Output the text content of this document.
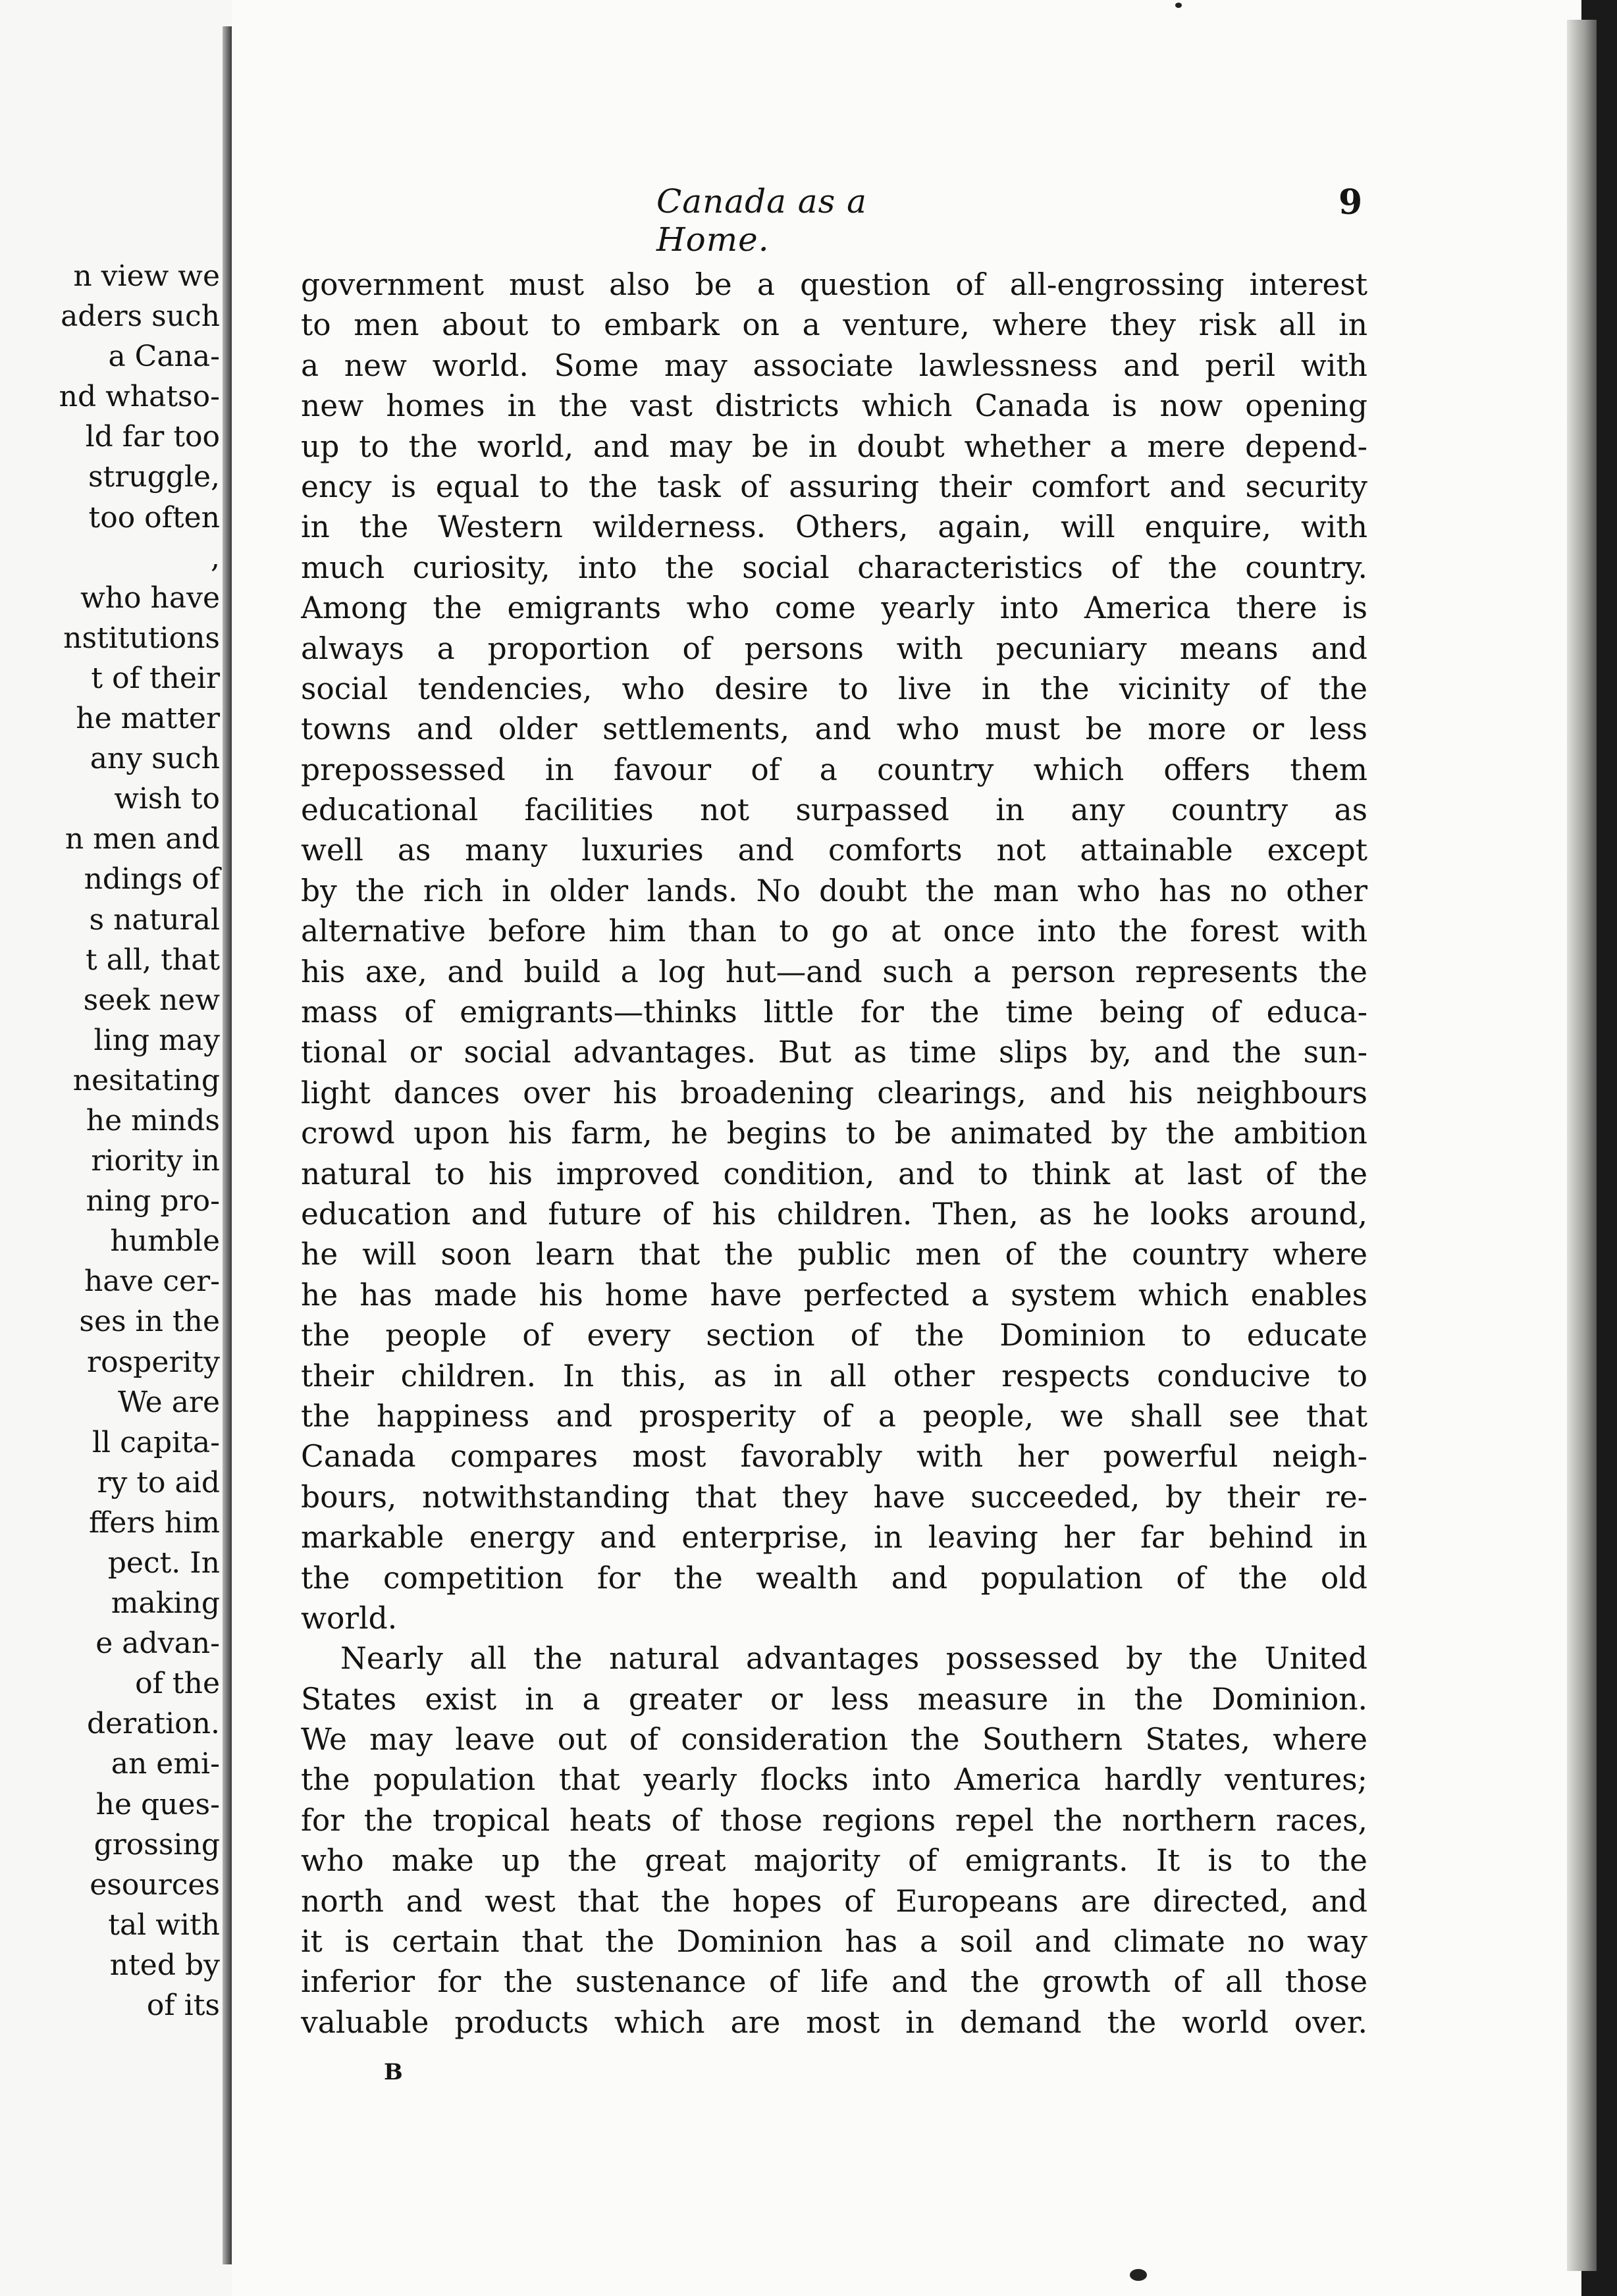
n view we
aders such
a Cana-
nd whatso-
ld far too
struggle,
too often
,
who have
nstitutions
t of their
he matter
any such
wish to
n men and
ndings of
s natural
t all, that
seek new
ling may
nesitating
he minds
riority in
ning pro-
humble
have cer-
ses in the
rosperity
We are
ll capita-
ry to aid
ffers him
pect. In
making
e advan-
of the
deration.
an emi-
he ques-
grossing
esources
tal with
nted by
of its
Canada as a Home.
9
government must also be a question of all-engrossing interest
to men about to embark on a venture, where they risk all in
a new world. Some may associate lawlessness and peril with
new homes in the vast districts which Canada is now opening
up to the world, and may be in doubt whether a mere depend-
ency is equal to the task of assuring their comfort and security
in the Western wilderness. Others, again, will enquire, with
much curiosity, into the social characteristics of the country.
Among the emigrants who come yearly into America there is
always a proportion of persons with pecuniary means and
social tendencies, who desire to live in the vicinity of the
towns and older settlements, and who must be more or less
prepossessed in favour of a country which offers them
educational facilities not surpassed in any country as
well as many luxuries and comforts not attainable except
by the rich in older lands. No doubt the man who has no other
alternative before him than to go at once into the forest with
his axe, and build a log hut—and such a person represents the
mass of emigrants—thinks little for the time being of educa-
tional or social advantages. But as time slips by, and the sun-
light dances over his broadening clearings, and his neighbours
crowd upon his farm, he begins to be animated by the ambition
natural to his improved condition, and to think at last of the
education and future of his children. Then, as he looks around,
he will soon learn that the public men of the country where
he has made his home have perfected a system which enables
the people of every section of the Dominion to educate
their children. In this, as in all other respects conducive to
the happiness and prosperity of a people, we shall see that
Canada compares most favorably with her powerful neigh-
bours, notwithstanding that they have succeeded, by their re-
markable energy and enterprise, in leaving her far behind in
the competition for the wealth and population of the old
world.
Nearly all the natural advantages possessed by the United
States exist in a greater or less measure in the Dominion.
We may leave out of consideration the Southern States, where
the population that yearly flocks into America hardly ventures;
for the tropical heats of those regions repel the northern races,
who make up the great majority of emigrants. It is to the
north and west that the hopes of Europeans are directed, and
it is certain that the Dominion has a soil and climate no way
inferior for the sustenance of life and the growth of all those
valuable products which are most in demand the world over.
B
